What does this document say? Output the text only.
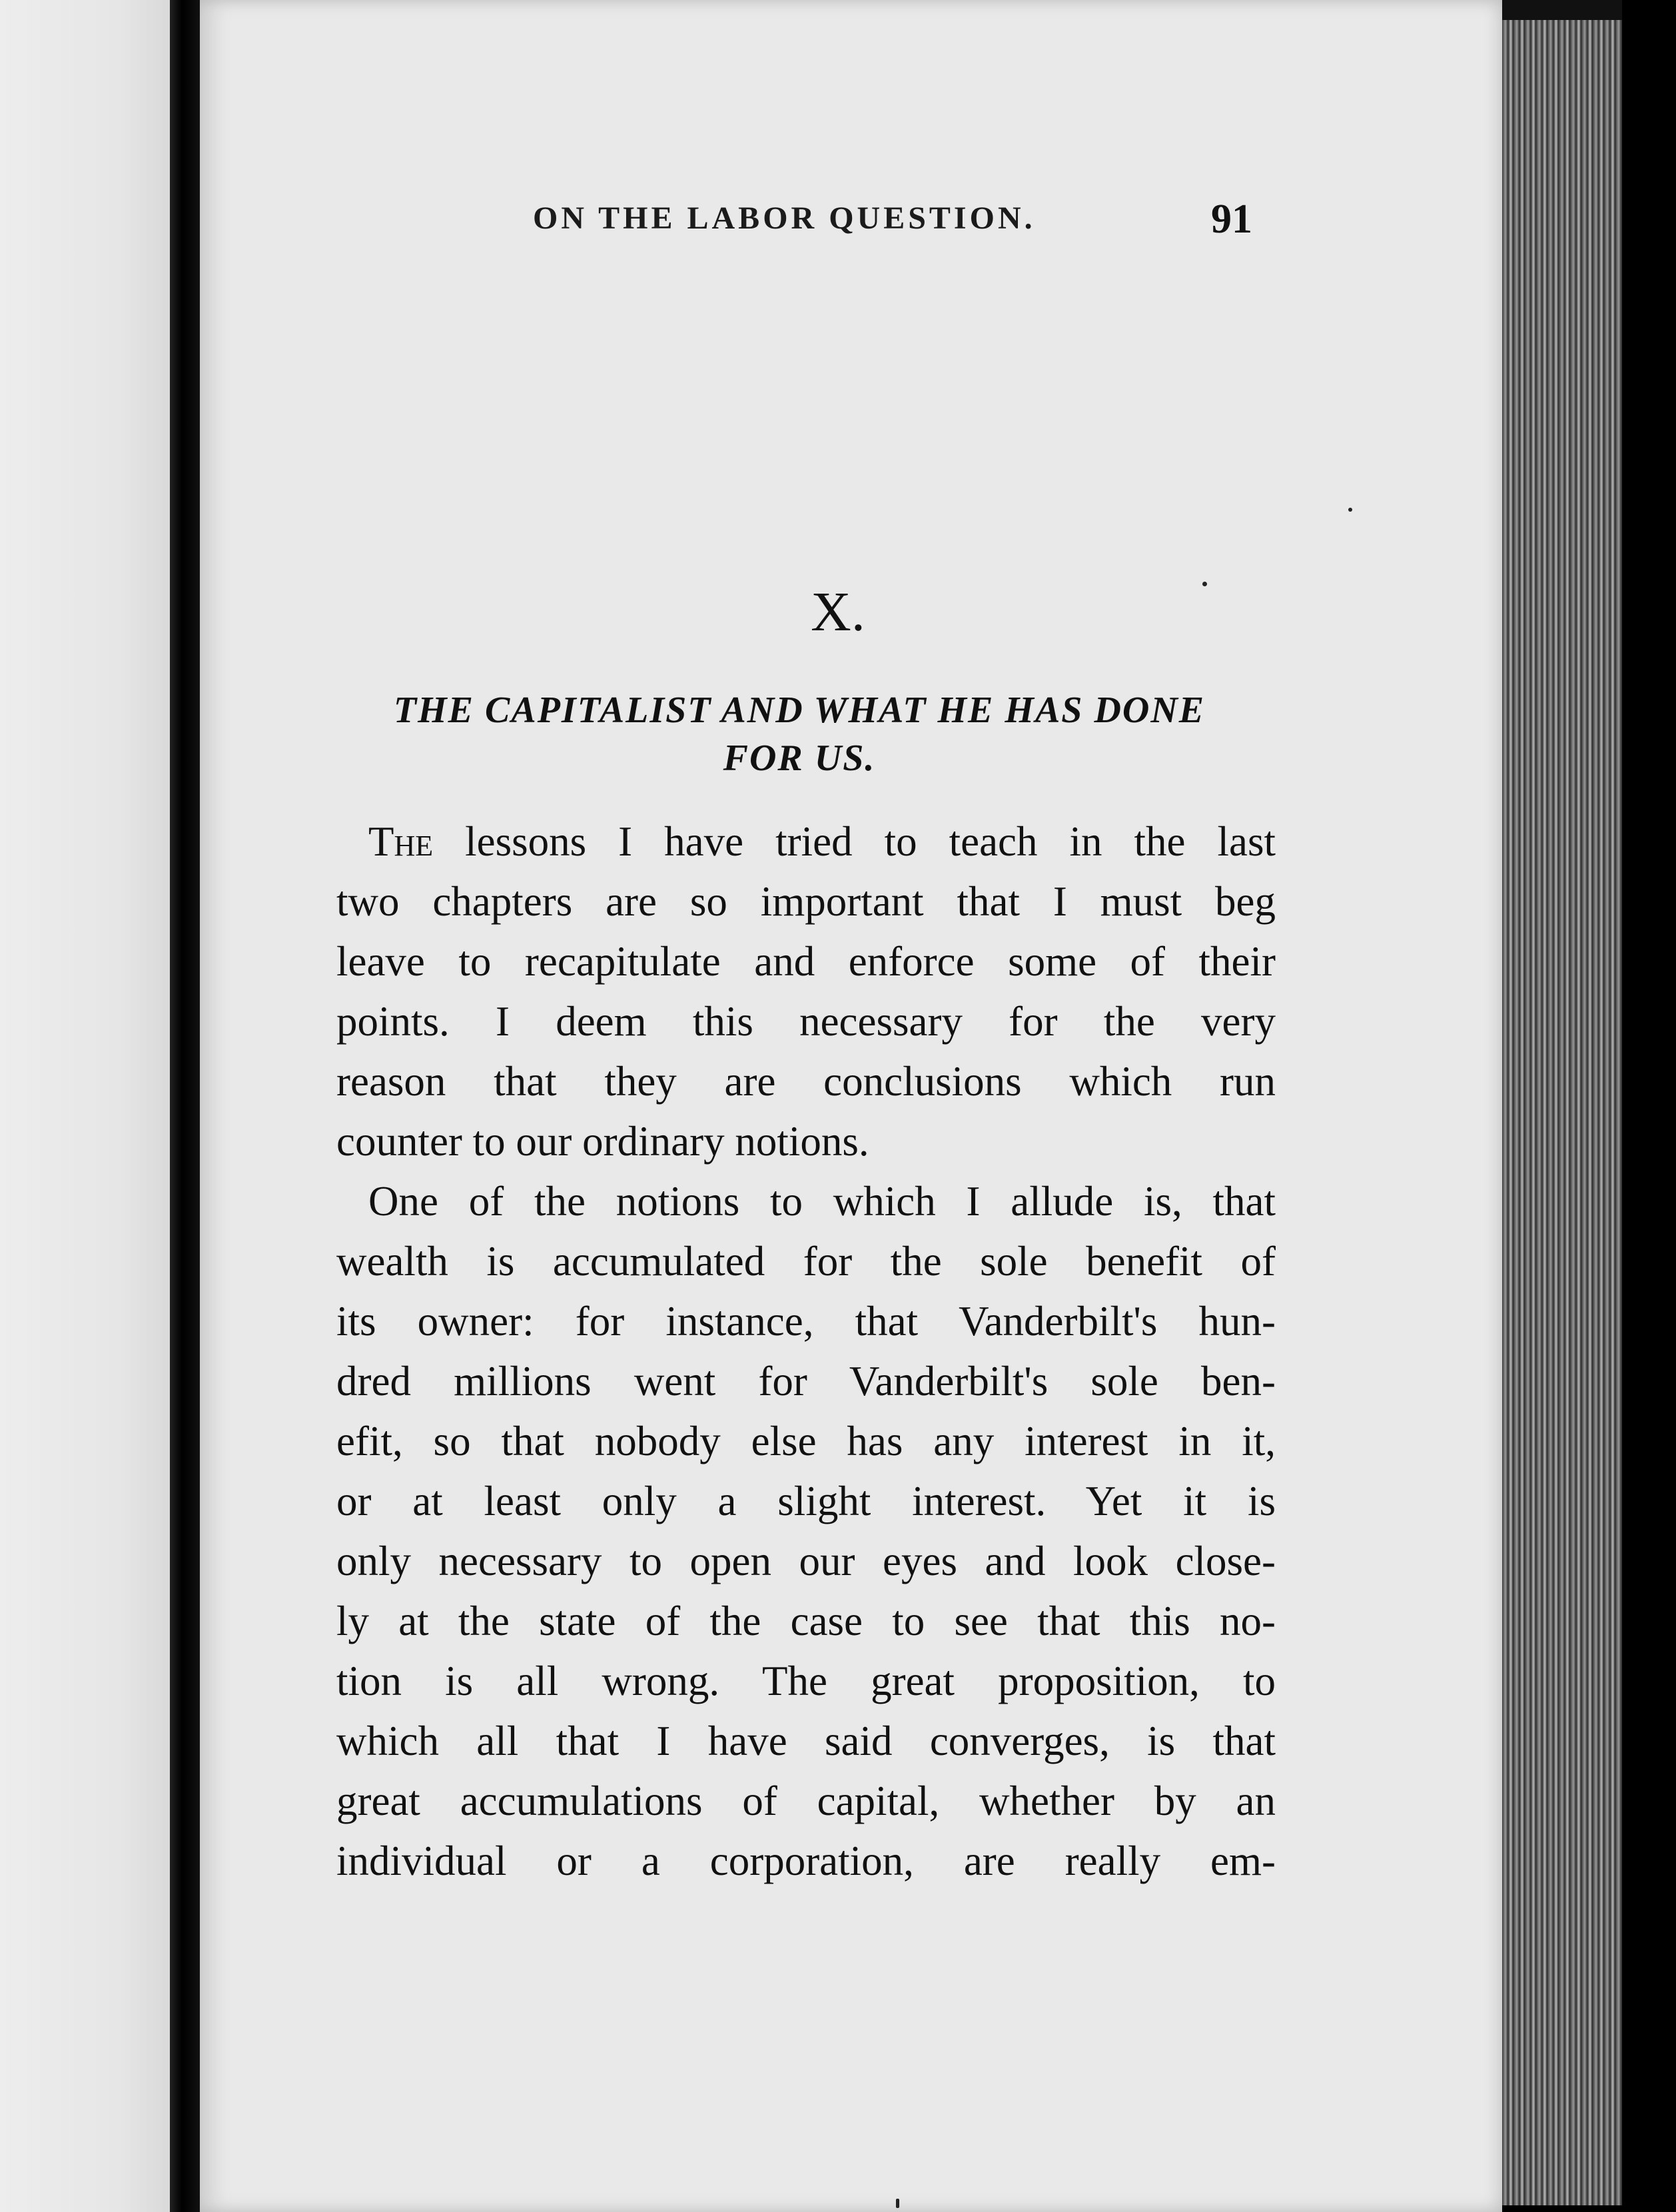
ON THE LABOR QUESTION.	91
X.
THE CAPITALIST AND WHAT HE HAS DONE
FOR US.
The lessons I have tried to teach in the last
two chapters are so important that I must beg
leave to recapitulate and enforce some of their
points. I deem this necessary for the very
reason that they are conclusions which run
counter to our ordinary notions.
One of the notions to which I allude is, that
wealth is accumulated for the sole benefit of
its owner: for instance, that Vanderbilt's hun-
dred millions went for Vanderbilt's sole ben-
efit, so that nobody else has any interest in it,
or at least only a slight interest. Yet it is
only necessary to open our eyes and look close-
ly at the state of the case to see that this no-
tion is all wrong. The great proposition, to
which all that I have said converges, is that
great accumulations of capital, whether by an
individual or a corporation, are really em-
